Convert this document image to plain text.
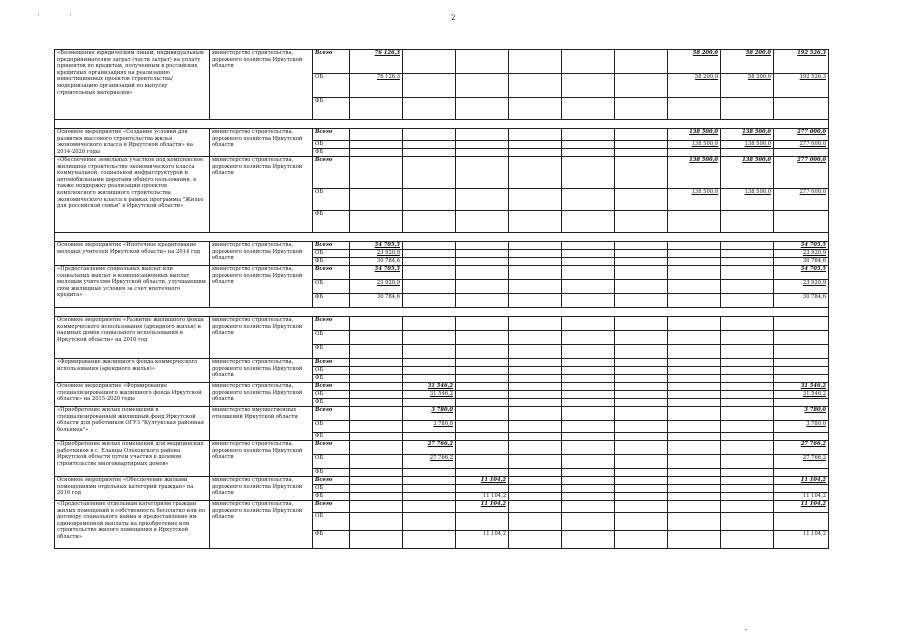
2
'	'
«Возмещение юридическим лицам, индивидуальным предпринимателям затрат (части затрат) на уплату процентов по кредитам, полученным в российских кредитных организациях на реализацию инвестиционных проектов строительства/модернизацию организаций по выпуску строительных материалов»	министерство строительства, дорожного хозяйства Иркутской области	Всего	76 126,3						58 200,0	58 200,0	192 526,3
		ОБ	76 126,3						58 200,0	58 200,0	192 526,3
		ФБ									

Основное мероприятие «Создание условий для развития массового строительства жилья экономического класса в Иркутской области» на 2014-2020 годы	министерство строительства, дорожного хозяйства Иркутской области	Всего							138 500,0	138 500,0	277 000,0
		ОБ							138 500,0	138 500,0	277 000,0
		ФБ									
«Обеспечение земельных участков под комплексное жилищное строительство экономического класса коммунальной, социальной инфраструктурой и автомобильными дорогами общего пользования, в также поддержку реализации проектов комплексного жилищного строительства экономического класса в рамках программы "Жилье для российской семьи" в Иркутской области»	министерство строительства, дорожного хозяйства Иркутской области	Всего							138 500,0	138 500,0	277 000,0
		ОБ							138 500,0	138 500,0	277 000,0
		ФБ									

Основное мероприятие «Ипотечное кредитование молодых учителей Иркутской области» на 2014 год	министерство строительства, дорожного хозяйства Иркутской области	Всего	54 705,5								54 705,5
		ОБ	23 920,9								23 920,9
		ФБ	30 784,6								30 784,6
«Предоставление социальных выплат или социальных выплат и компенсационных выплат молодым учителям Иркутской области, улучшающим свои жилищные условия за счет ипотечного кредита»	министерство строительства, дорожного хозяйства Иркутской области	Всего	54 705,5								54 705,5
		ОБ	23 920,9								23 920,9
		ФБ	30 784,6								30 784,6

Основное мероприятие «Развитие жилищного фонда коммерческого использования (арендного жилья) и наемных домов социального использования в Иркутской области» на 2016 год	министерство строительства, дорожного хозяйства Иркутской области	Всего									
		ОБ									
		ФБ									
«Формирование жилищного фонда коммерческого использования (арендного жилья)»	министерство строительства, дорожного хозяйства Иркутской области	Всего									
		ОБ									
		ФБ									
Основное мероприятие «Формирование специализированного жилищного фонда Иркутской области» на 2015-2020 годы	министерство строительства, дорожного хозяйства Иркутской области	Всего		31 546,2							31 546,2
		ОБ		31 546,2							31 546,2
		ФБ									
«Приобретение жилых помещений в специализированный жилищный фонд Иркутской области для работников ОГУЗ "Култукская районная больница"»	министерство имущественных отношений Иркутской области	Всего		3 780,0							3 780,0
		ОБ		3 780,0							3 780,0
		ФБ									
«Приобретение жилых помещений для медицинских работников в с. Еланцы Ольхонского района Иркутской области путем участия в долевом строительстве многоквартирных домов»	министерство строительства, дорожного хозяйства Иркутской области	Всего		27 766,2							27 766,2
		ОБ		27 766,2							27 766,2
		ФБ									
Основное мероприятие «Обеспечение жилыми помещениями отдельных категорий граждан» на 2016 год	министерство строительства, дорожного хозяйства Иркутской области	Всего			11 104,2						11 104,2
		ОБ									
		ФБ			11 104,2						11 104,2
«Предоставление отдельным категориям граждан жилых помещений в собственность бесплатно или по договору социального найма и предоставление им единовременной выплаты на приобретение или строительство жилого помещения в Иркутской области»	министерство строительства, дорожного хозяйства Иркутской области	Всего			11 104,2						11 104,2
		ОБ									
		ФБ			11 104,2						11 104,2
-
